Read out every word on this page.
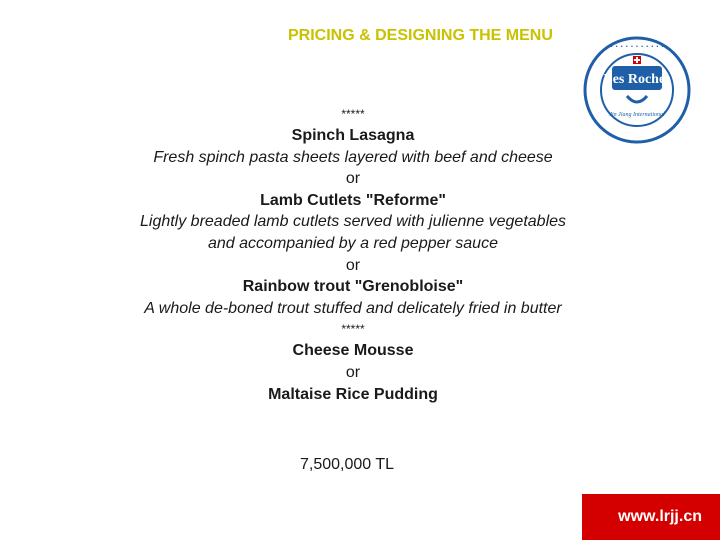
PRICING & DESIGNING THE MENU
· · · · · · · · · · ·
Les Roches
Jin Jiang International
*****
Spinch Lasagna
Fresh spinch pasta sheets layered with beef and cheese
or
Lamb Cutlets "Reforme"
Lightly breaded lamb cutlets served with julienne vegetables
and accompanied by a red pepper sauce
or
Rainbow trout "Grenobloise"
A whole de-boned trout stuffed and delicately fried in butter
*****
Cheese Mousse
or
Maltaise Rice Pudding
7,500,000 TL
www.lrjj.cn
